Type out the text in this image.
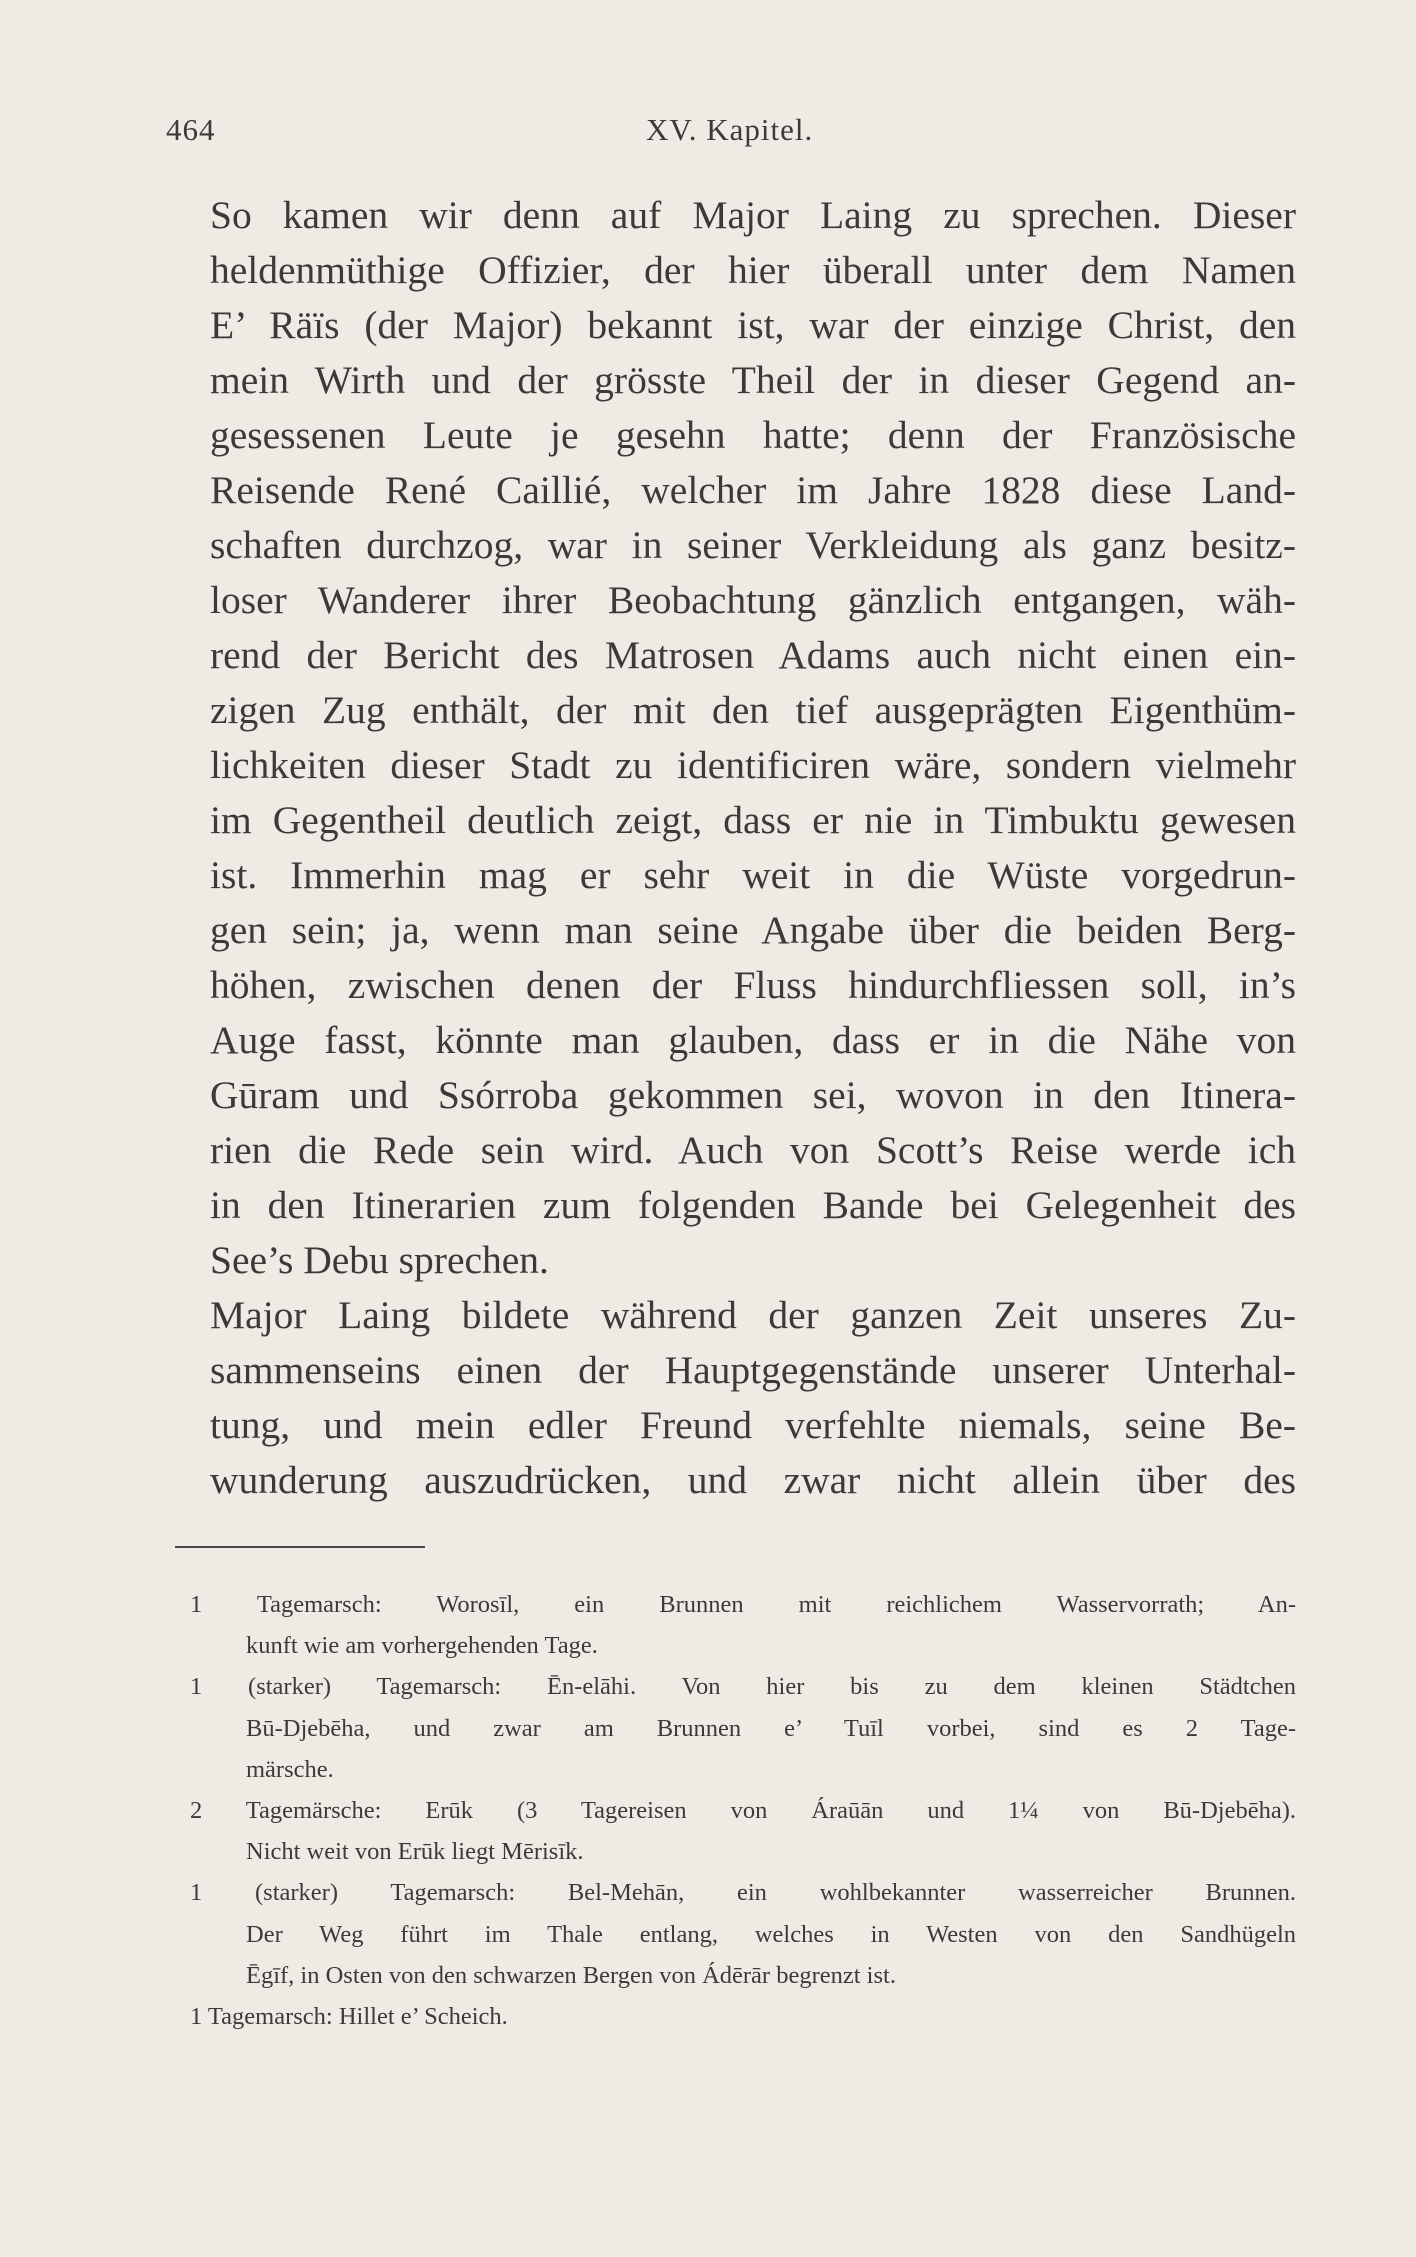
464	XV. Kapitel.
So kamen wir denn auf Major Laing zu sprechen. Dieser
heldenmüthige Offizier, der hier überall unter dem Namen
E’ Räïs (der Major) bekannt ist, war der einzige Christ, den
mein Wirth und der grösste Theil der in dieser Gegend an-
gesessenen Leute je gesehn hatte; denn der Französische
Reisende René Caillié, welcher im Jahre 1828 diese Land-
schaften durchzog, war in seiner Verkleidung als ganz besitz-
loser Wanderer ihrer Beobachtung gänzlich entgangen, wäh-
rend der Bericht des Matrosen Adams auch nicht einen ein-
zigen Zug enthält, der mit den tief ausgeprägten Eigenthüm-
lichkeiten dieser Stadt zu identificiren wäre, sondern vielmehr
im Gegentheil deutlich zeigt, dass er nie in Timbuktu gewesen
ist. Immerhin mag er sehr weit in die Wüste vorgedrun-
gen sein; ja, wenn man seine Angabe über die beiden Berg-
höhen, zwischen denen der Fluss hindurchfliessen soll, in’s
Auge fasst, könnte man glauben, dass er in die Nähe von
Gūram und Ssórroba gekommen sei, wovon in den Itinera-
rien die Rede sein wird. Auch von Scott’s Reise werde ich
in den Itinerarien zum folgenden Bande bei Gelegenheit des
See’s Debu sprechen.
Major Laing bildete während der ganzen Zeit unseres Zu-
sammenseins einen der Hauptgegenstände unserer Unterhal-
tung, und mein edler Freund verfehlte niemals, seine Be-
wunderung auszudrücken, und zwar nicht allein über des
1 Tagemarsch: Worosīl, ein Brunnen mit reichlichem Wasservorrath; An-
kunft wie am vorhergehenden Tage.
1 (starker) Tagemarsch: Ēn-elāhi. Von hier bis zu dem kleinen Städtchen
Bū-Djebēha, und zwar am Brunnen e’ Tuīl vorbei, sind es 2 Tage-
märsche.
2 Tagemärsche: Erūk (3 Tagereisen von Áraūān und 1¼ von Bū-Djebēha).
Nicht weit von Erūk liegt Mērisīk.
1 (starker) Tagemarsch: Bel-Mehān, ein wohlbekannter wasserreicher Brunnen.
Der Weg führt im Thale entlang, welches in Westen von den Sandhügeln
Ēgīf, in Osten von den schwarzen Bergen von Ádērār begrenzt ist.
1 Tagemarsch: Hillet e’ Scheich.
